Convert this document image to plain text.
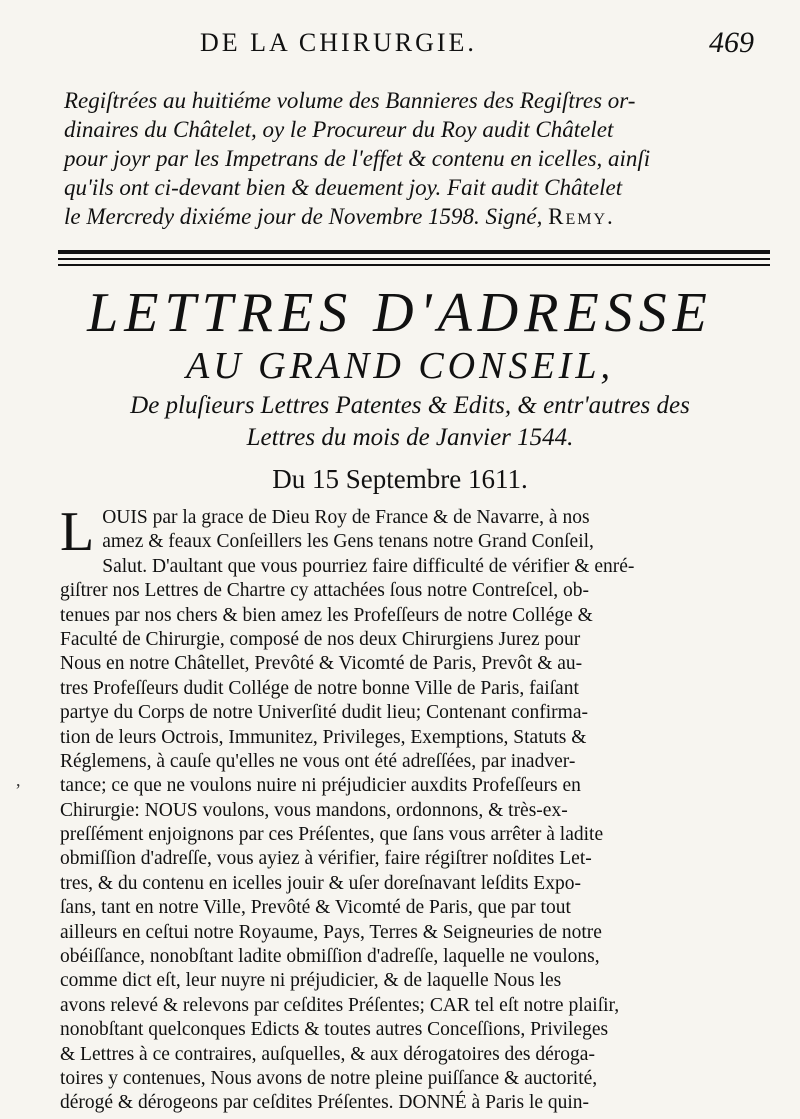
DE LA CHIRURGIE.	469
Regiſtrées au huitiéme volume des Bannieres des Regiſtres or-
dinaires du Châtelet, oy le Procureur du Roy audit Châtelet
pour joyr par les Impetrans de l'effet & contenu en icelles, ainſi
qu'ils ont ci-devant bien & deuement joy. Fait audit Châtelet
le Mercredy dixiéme jour de Novembre 1598. Signé, Remy.
LETTRES D'ADRESSE
AU GRAND CONSEIL,
De pluſieurs Lettres Patentes & Edits, & entr'autres des
Lettres du mois de Janvier 1544.
Du 15 Septembre 1611.
L OUIS par la grace de Dieu Roy de France & de Navarre, à nos
amez & feaux Conſeillers les Gens tenans notre Grand Conſeil,
Salut. D'aultant que vous pourriez faire difficulté de vérifier & enré-
giſtrer nos Lettres de Chartre cy attachées ſous notre Contreſcel, ob-
tenues par nos chers & bien amez les Profeſſeurs de notre Collége &
Faculté de Chirurgie, composé de nos deux Chirurgiens Jurez pour
Nous en notre Châtellet, Prevôté & Vicomté de Paris, Prevôt & au-
tres Profeſſeurs dudit Collége de notre bonne Ville de Paris, faiſant
partye du Corps de notre Univerſité dudit lieu; Contenant confirma-
tion de leurs Octrois, Immunitez, Privileges, Exemptions, Statuts &
Réglemens, à cauſe qu'elles ne vous ont été adreſſées, par inadver-
tance; ce que ne voulons nuire ni préjudicier auxdits Profeſſeurs en
Chirurgie: NOUS voulons, vous mandons, ordonnons, & très-ex-
preſſément enjoignons par ces Préſentes, que ſans vous arrêter à ladite
obmiſſion d'adreſſe, vous ayiez à vérifier, faire régiſtrer noſdites Let-
tres, & du contenu en icelles jouir & uſer doreſnavant leſdits Expo-
ſans, tant en notre Ville, Prevôté & Vicomté de Paris, que par tout
ailleurs en ceſtui notre Royaume, Pays, Terres & Seigneuries de notre
obéiſſance, nonobſtant ladite obmiſſion d'adreſſe, laquelle ne voulons,
comme dict eſt, leur nuyre ni préjudicier, & de laquelle Nous les
avons relevé & relevons par ceſdites Préſentes; CAR tel eſt notre plaiſir,
nonobſtant quelconques Edicts & toutes autres Conceſſions, Privileges
& Lettres à ce contraires, auſquelles, & aux dérogatoires des déroga-
toires y contenues, Nous avons de notre pleine puiſſance & auctorité,
dérogé & dérogeons par ceſdites Préſentes. DONNÉ à Paris le quin-
,
